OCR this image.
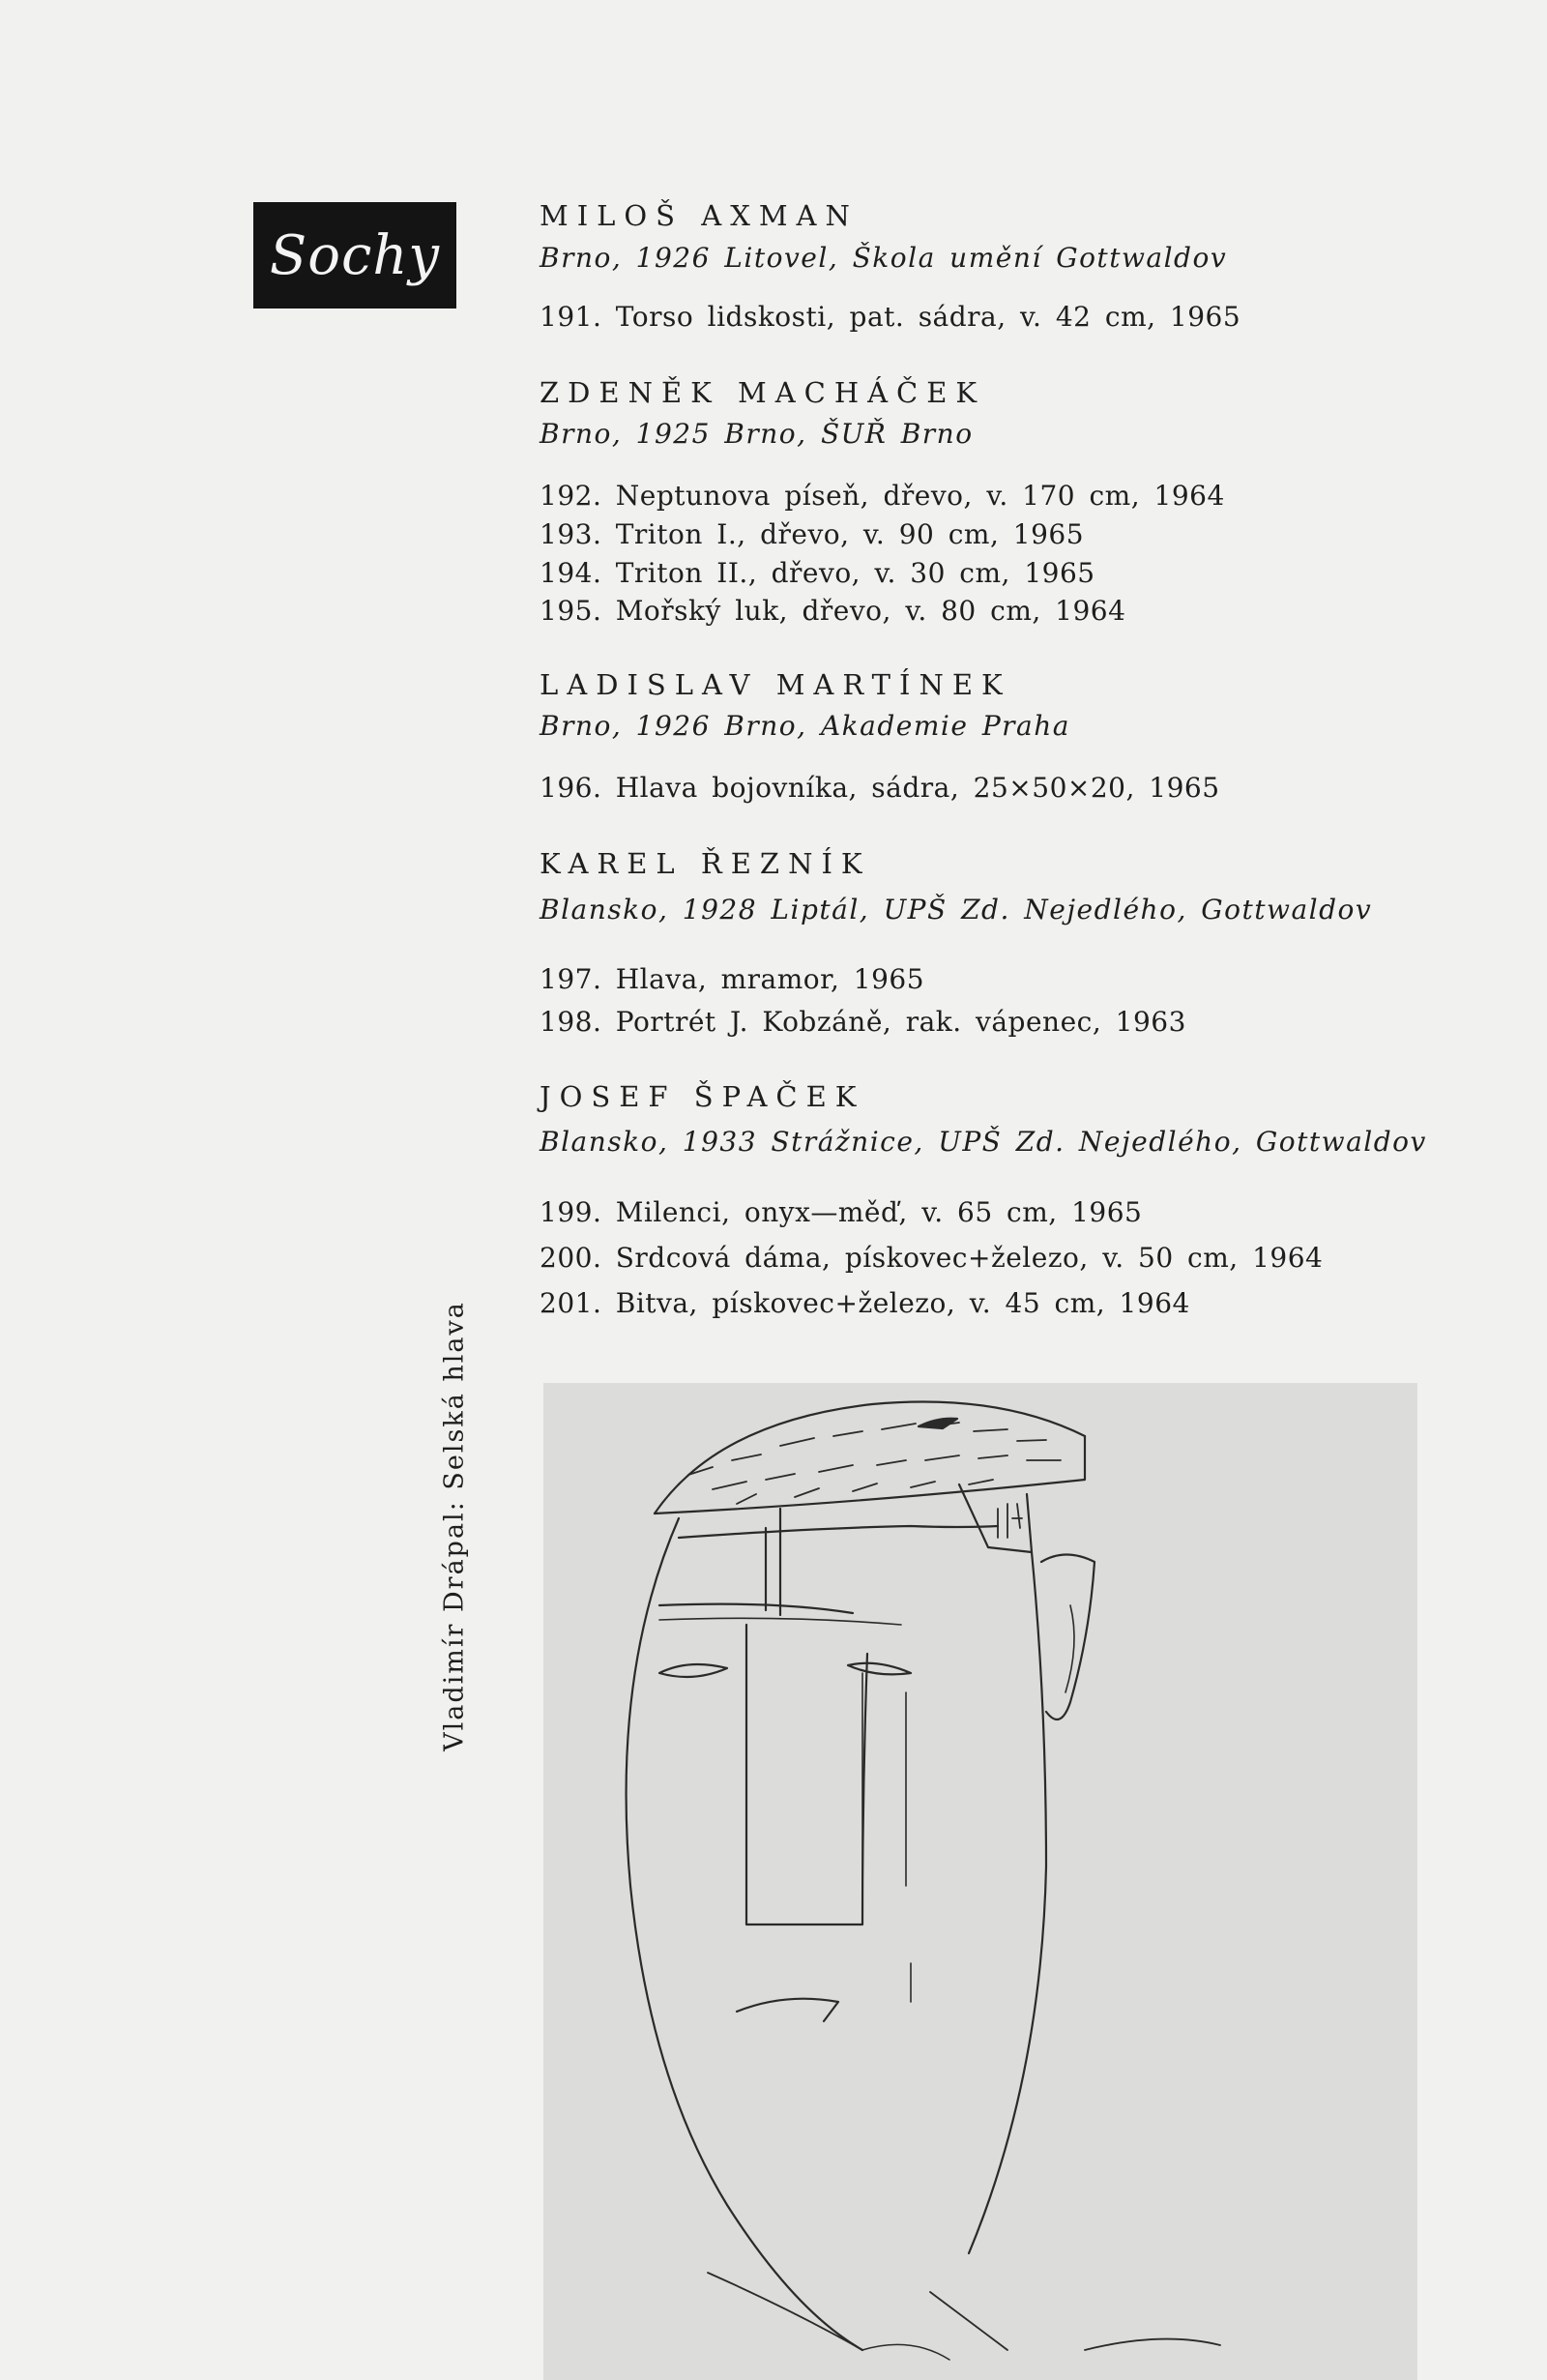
Sochy
MILOŠ AXMAN
Brno, 1926 Litovel, Škola umění Gottwaldov
191. Torso lidskosti, pat. sádra, v. 42 cm, 1965
ZDENĚK MACHÁČEK
Brno, 1925 Brno, ŠUŘ Brno
192. Neptunova píseň, dřevo, v. 170 cm, 1964
193. Triton I., dřevo, v. 90 cm, 1965
194. Triton II., dřevo, v. 30 cm, 1965
195. Mořský luk, dřevo, v. 80 cm, 1964
LADISLAV MARTÍNEK
Brno, 1926 Brno, Akademie Praha
196. Hlava bojovníka, sádra, 25×50×20, 1965
KAREL ŘEZNÍK
Blansko, 1928 Liptál, UPŠ Zd. Nejedlého, Gottwaldov
197. Hlava, mramor, 1965
198. Portrét J. Kobzáně, rak. vápenec, 1963
JOSEF ŠPAČEK
Blansko, 1933 Strážnice, UPŠ Zd. Nejedlého, Gottwaldov
199. Milenci, onyx—měď, v. 65 cm, 1965
200. Srdcová dáma, pískovec+železo, v. 50 cm, 1964
201. Bitva, pískovec+železo, v. 45 cm, 1964
Vladimír Drápal: Selská hlava
